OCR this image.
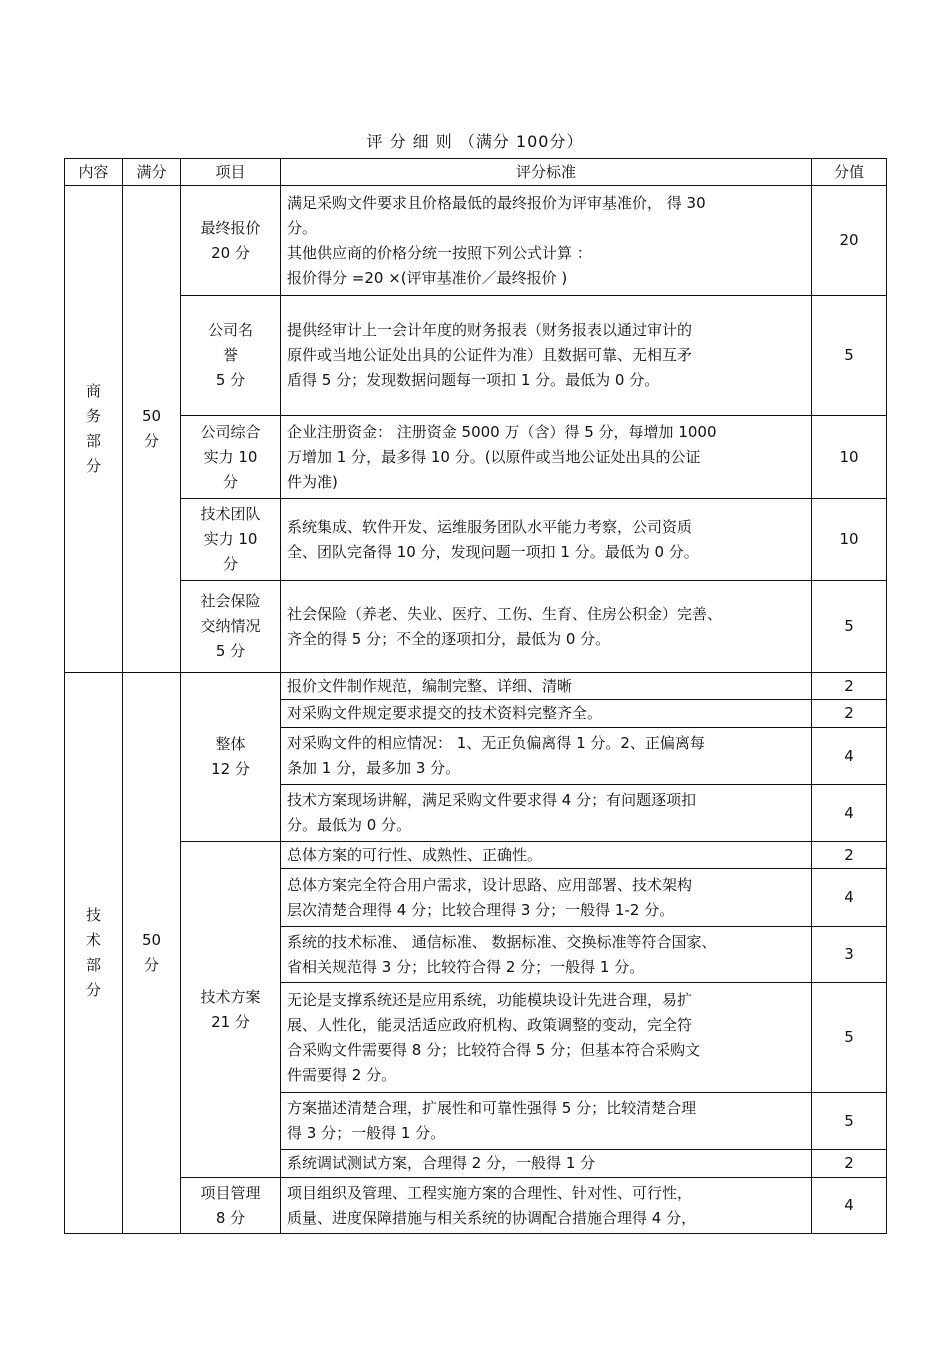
评 分 细 则 （满分 100分）
内容	满分	项目	评分标准	分值
商
务
部
分	50
分	最终报价
20 分	满足采购文件要求且价格最低的最终报价为评审基准价， 得 30
分。
其他供应商的价格分统一按照下列公式计算 ：
报价得分 =20 ×(评审基准价／最终报价 )	20
		公司名
誉
5 分	提供经审计上一会计年度的财务报表（财务报表以通过审计的
原件或当地公证处出具的公证件为准）且数据可靠、无相互矛
盾得 5 分；发现数据问题每一项扣 1 分。最低为 0 分。	5
		公司综合
实力 10
分	企业注册资金： 注册资金 5000 万（含）得 5 分，每增加 1000
万增加 1 分，最多得 10 分。(以原件或当地公证处出具的公证
件为准)	10
		技术团队
实力 10
分	系统集成、软件开发、运维服务团队水平能力考察，公司资质
全、团队完备得 10 分，发现问题一项扣 1 分。最低为 0 分。	10
		社会保险
交纳情况
5 分	社会保险（养老、失业、医疗、工伤、生育、住房公积金）完善、
齐全的得 5 分；不全的逐项扣分，最低为 0 分。	5
技
术
部
分	50
分	整体
12 分	报价文件制作规范，编制完整、详细、清晰	2
			对采购文件规定要求提交的技术资料完整齐全。	2
			对采购文件的相应情况： 1、无正负偏离得 1 分。2、正偏离每
条加 1 分，最多加 3 分。	4
			技术方案现场讲解，满足采购文件要求得 4 分；有问题逐项扣
分。最低为 0 分。	4
		技术方案
21 分	总体方案的可行性、成熟性、正确性。	2
			总体方案完全符合用户需求，设计思路、应用部署、技术架构
层次清楚合理得 4 分；比较合理得 3 分；一般得 1-2 分。	4
			系统的技术标准、 通信标准、 数据标准、交换标准等符合国家、
省相关规范得 3 分；比较符合得 2 分；一般得 1 分。	3
			无论是支撑系统还是应用系统，功能模块设计先进合理，易扩
展、人性化，能灵活适应政府机构、政策调整的变动，完全符
合采购文件需要得 8 分；比较符合得 5 分；但基本符合采购文
件需要得 2 分。	5
			方案描述清楚合理，扩展性和可靠性强得 5 分；比较清楚合理
得 3 分；一般得 1 分。	5
			系统调试测试方案，合理得 2 分，一般得 1 分	2
		项目管理
8 分	项目组织及管理、工程实施方案的合理性、针对性、可行性，
质量、进度保障措施与相关系统的协调配合措施合理得 4 分，	4
